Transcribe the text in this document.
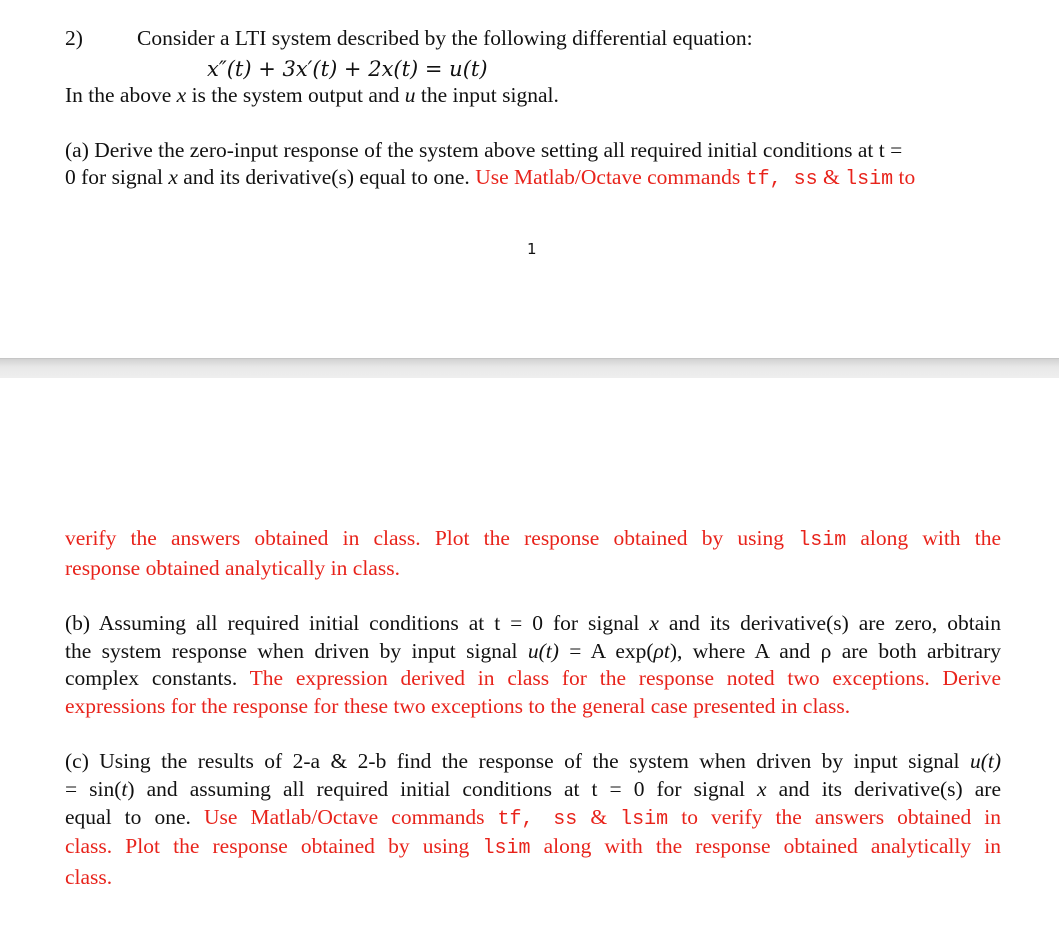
2)	Consider a LTI system described by the following differential equation:
x″(t) + 3x′(t) + 2x(t) = u(t)
In the above x is the system output and u the input signal.
(a) Derive the zero-input response of the system above setting all required initial conditions at t =
0 for signal x and its derivative(s) equal to one. Use Matlab/Octave commands tf, ss & lsim to
1
verify the answers obtained in class. Plot the response obtained by using lsim along with the
response obtained analytically in class.
(b) Assuming all required initial conditions at t = 0 for signal x and its derivative(s) are zero, obtain
the system response when driven by input signal u(t) = A exp(ρt), where A and ρ are both arbitrary
complex constants. The expression derived in class for the response noted two exceptions. Derive
expressions for the response for these two exceptions to the general case presented in class.
(c) Using the results of 2-a & 2-b find the response of the system when driven by input signal u(t)
= sin(t) and assuming all required initial conditions at t = 0 for signal x and its derivative(s) are
equal to one. Use Matlab/Octave commands tf, ss & lsim to verify the answers obtained in
class. Plot the response obtained by using lsim along with the response obtained analytically in
class.
